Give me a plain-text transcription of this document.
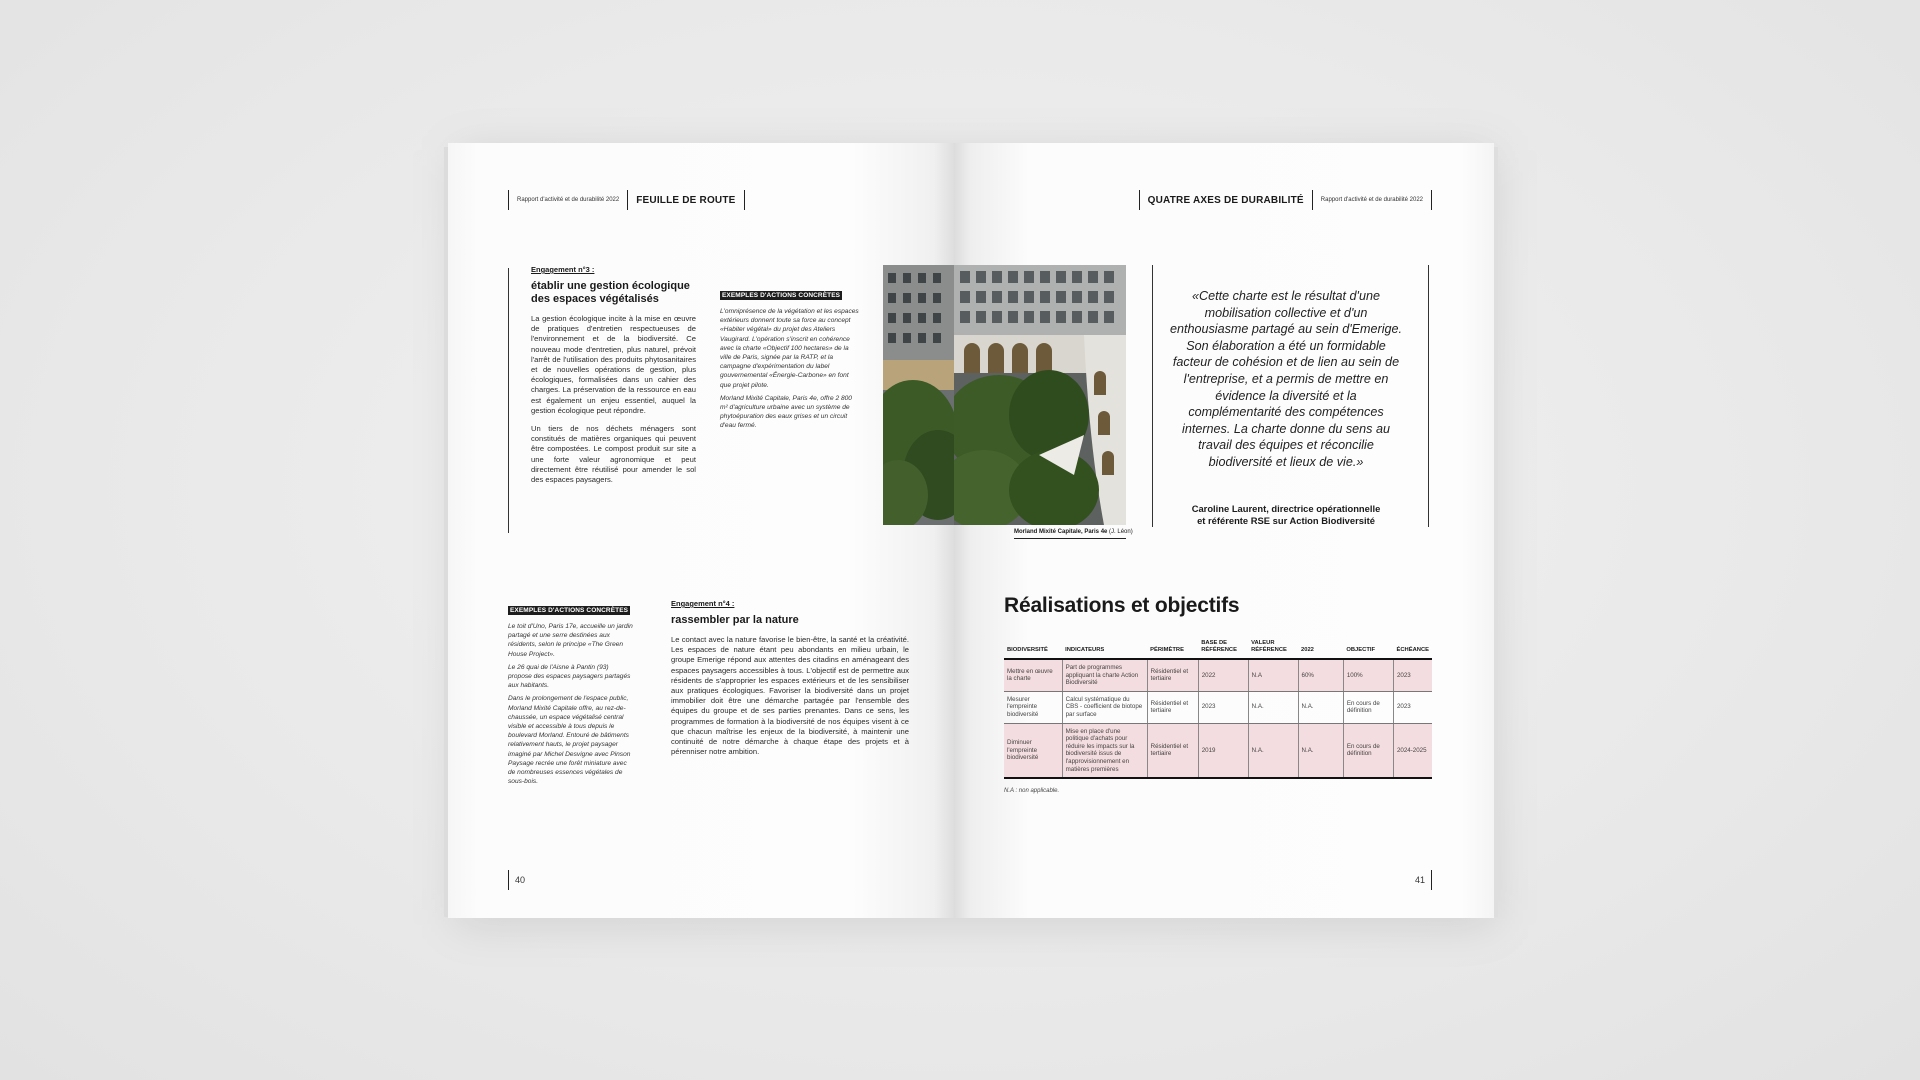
Rapport d'activité et de durabilité 2022	FEUILLE DE ROUTE
Engagement n°3 :
établir une gestion écologique des espaces végétalisés

La gestion écologique incite à la mise en œuvre de pratiques d'entretien respectueuses de l'environnement et de la biodiversité. Ce nouveau mode d'entretien, plus naturel, prévoit l'arrêt de l'utilisation des produits phytosanitaires et de nouvelles opérations de gestion, plus écologiques, formalisées dans un cahier des charges. La préservation de la ressource en eau est également un enjeu essentiel, auquel la gestion écologique peut répondre.

Un tiers de nos déchets ménagers sont constitués de matières organiques qui peuvent être compostées. Le compost produit sur site a une forte valeur agronomique et peut directement être réutilisé pour amender le sol des espaces paysagers.

EXEMPLES D'ACTIONS CONCRÈTES

L'omniprésence de la végétation et les espaces extérieurs donnent toute sa force au concept «Habiter végétal» du projet des Ateliers Vaugirard. L'opération s'inscrit en cohérence avec la charte «Objectif 100 hectares» de la ville de Paris, signée par la RATP, et la campagne d'expérimentation du label gouvernemental «Énergie-Carbone» en font que projet pilote.

Morland Mixité Capitale, Paris 4e, offre 2 800 m² d'agriculture urbaine avec un système de phytoépuration des eaux grises et un circuit d'eau fermé.

EXEMPLES D'ACTIONS CONCRÈTES

Le toit d'Uno, Paris 17e, accueille un jardin partagé et une serre destinées aux résidents, selon le principe «The Green House Project».

Le 26 quai de l'Aisne à Pantin (93) propose des espaces paysagers partagés aux habitants.

Dans le prolongement de l'espace public, Morland Mixité Capitale offre, au rez-de-chaussée, un espace végétalisé central visible et accessible à tous depuis le boulevard Morland. Entouré de bâtiments relativement hauts, le projet paysager imaginé par Michel Desvigne avec Pinson Paysage recrée une forêt miniature avec de nombreuses essences végétales de sous-bois.

Engagement n°4 :
rassembler par la nature

Le contact avec la nature favorise le bien-être, la santé et la créativité. Les espaces de nature étant peu abondants en milieu urbain, le groupe Emerige répond aux attentes des citadins en aménageant des espaces paysagers accessibles à tous. L'objectif est de permettre aux résidents de s'approprier les espaces extérieurs et de les sensibiliser aux pratiques écologiques. Favoriser la biodiversité dans un projet immobilier doit être une démarche partagée par l'ensemble des équipes du groupe et de ses parties prenantes. Dans ce sens, les programmes de formation à la biodiversité de nos équipes visent à ce que chacun maîtrise les enjeux de la biodiversité, à maintenir une continuité de notre démarche à chaque étape des projets et à pérenniser notre ambition.

40
QUATRE AXES DE DURABILITÉ	Rapport d'activité et de durabilité 2022
Morland Mixité Capitale, Paris 4e (J. Léon)
«Cette charte est le résultat d'une mobilisation collective et d'un enthousiasme partagé au sein d'Emerige. Son élaboration a été un formidable facteur de cohésion et de lien au sein de l'entreprise, et a permis de mettre en évidence la diversité et la complémentarité des compétences internes. La charte donne du sens au travail des équipes et réconcilie biodiversité et lieux de vie.»
Caroline Laurent, directrice opérationnelle
et référente RSE sur Action Biodiversité
Réalisations et objectifs
BIODIVERSITÉ	INDICATEURS	PÉRIMÈTRE	BASE DE RÉFÉRENCE	VALEUR RÉFÉRENCE	2022	OBJECTIF	ÉCHÉANCE
Mettre en œuvre la charte	Part de programmes appliquant la charte Action Biodiversité	Résidentiel et tertiaire	2022	N.A	60%	100%	2023
Mesurer l'empreinte biodiversité	Calcul systématique du CBS - coefficient de biotope par surface	Résidentiel et tertiaire	2023	N.A.	N.A.	En cours de définition	2023
Diminuer l'empreinte biodiversité	Mise en place d'une politique d'achats pour réduire les impacts sur la biodiversité issus de l'approvisionnement en matières premières	Résidentiel et tertiaire	2019	N.A.	N.A.	En cours de définition	2024-2025
N.A : non applicable.
41
